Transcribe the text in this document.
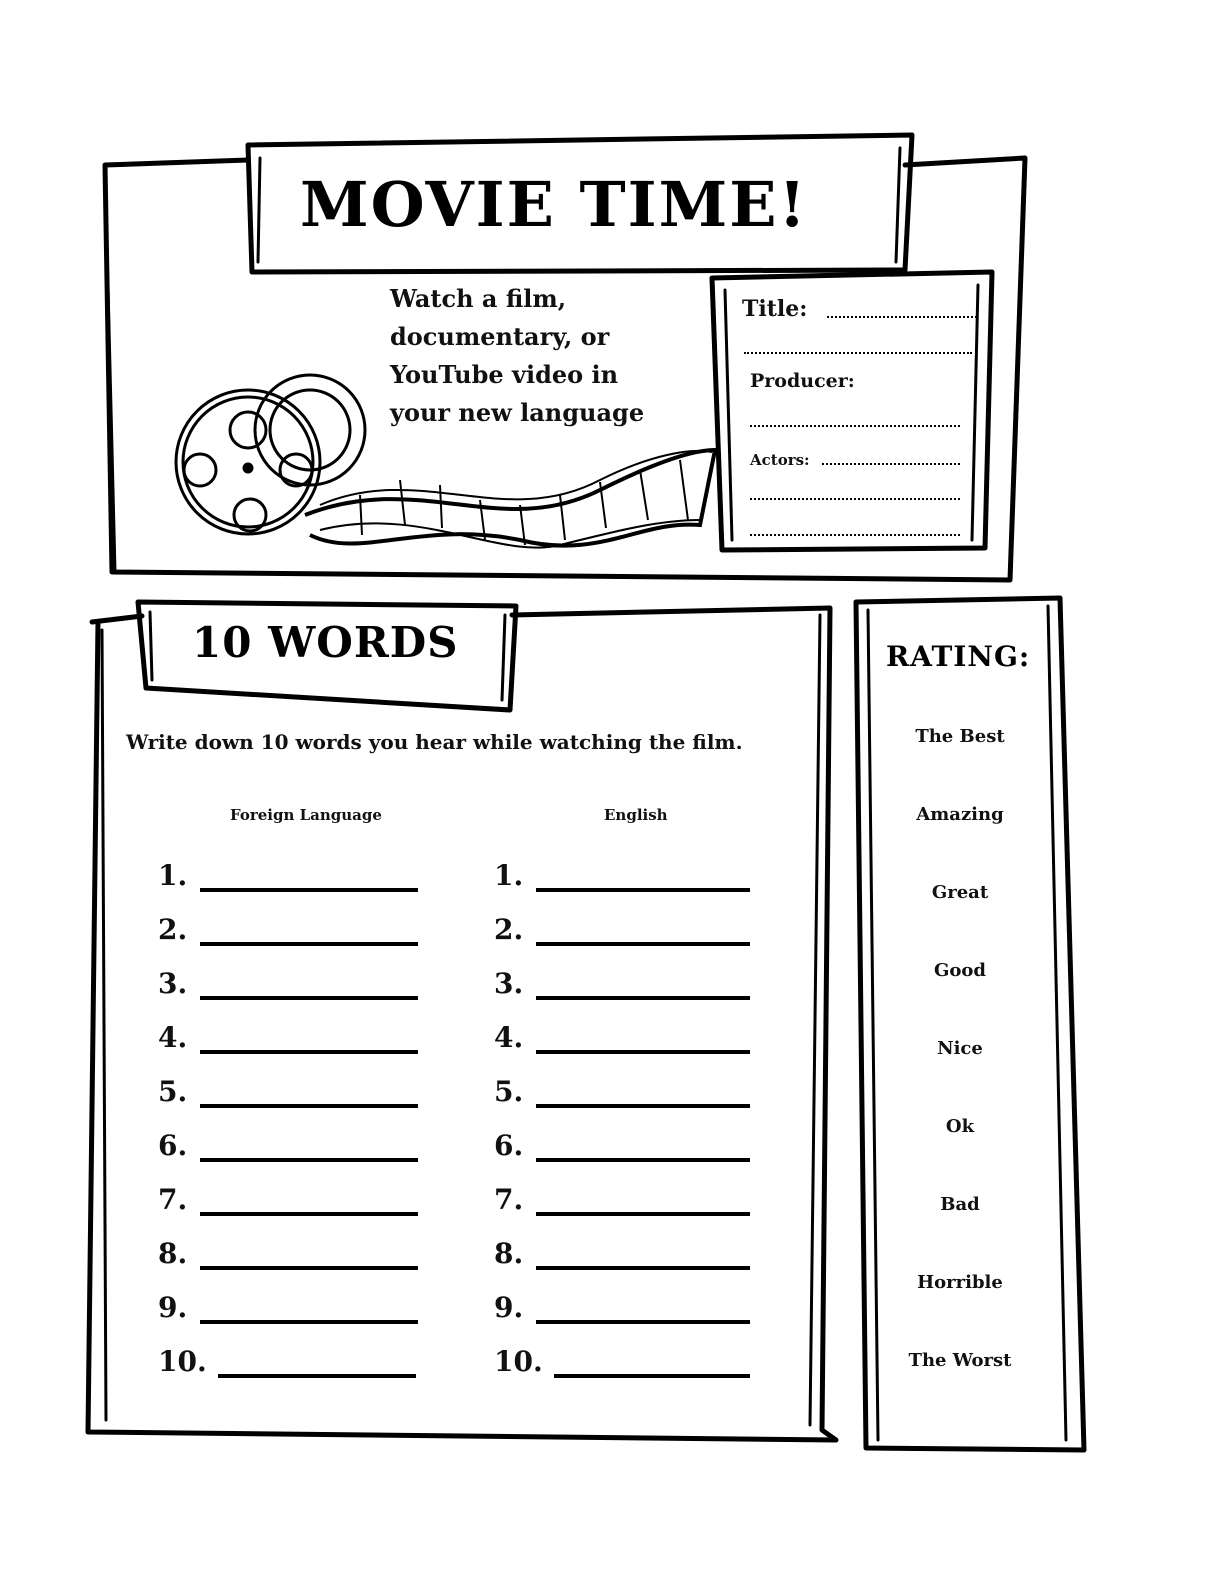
MOVIE TIME!
Watch a film,
documentary, or
YouTube video in
your new language
Title:
Producer:
Actors:
10 WORDS
Write down 10 words you hear while watching the film.
Foreign Language	English
1.
2.
3.
4.
5.
6.
7.
8.
9.
10.
1.
2.
3.
4.
5.
6.
7.
8.
9.
10.
RATING:
The Best
Amazing
Great
Good
Nice
Ok
Bad
Horrible
The Worst
